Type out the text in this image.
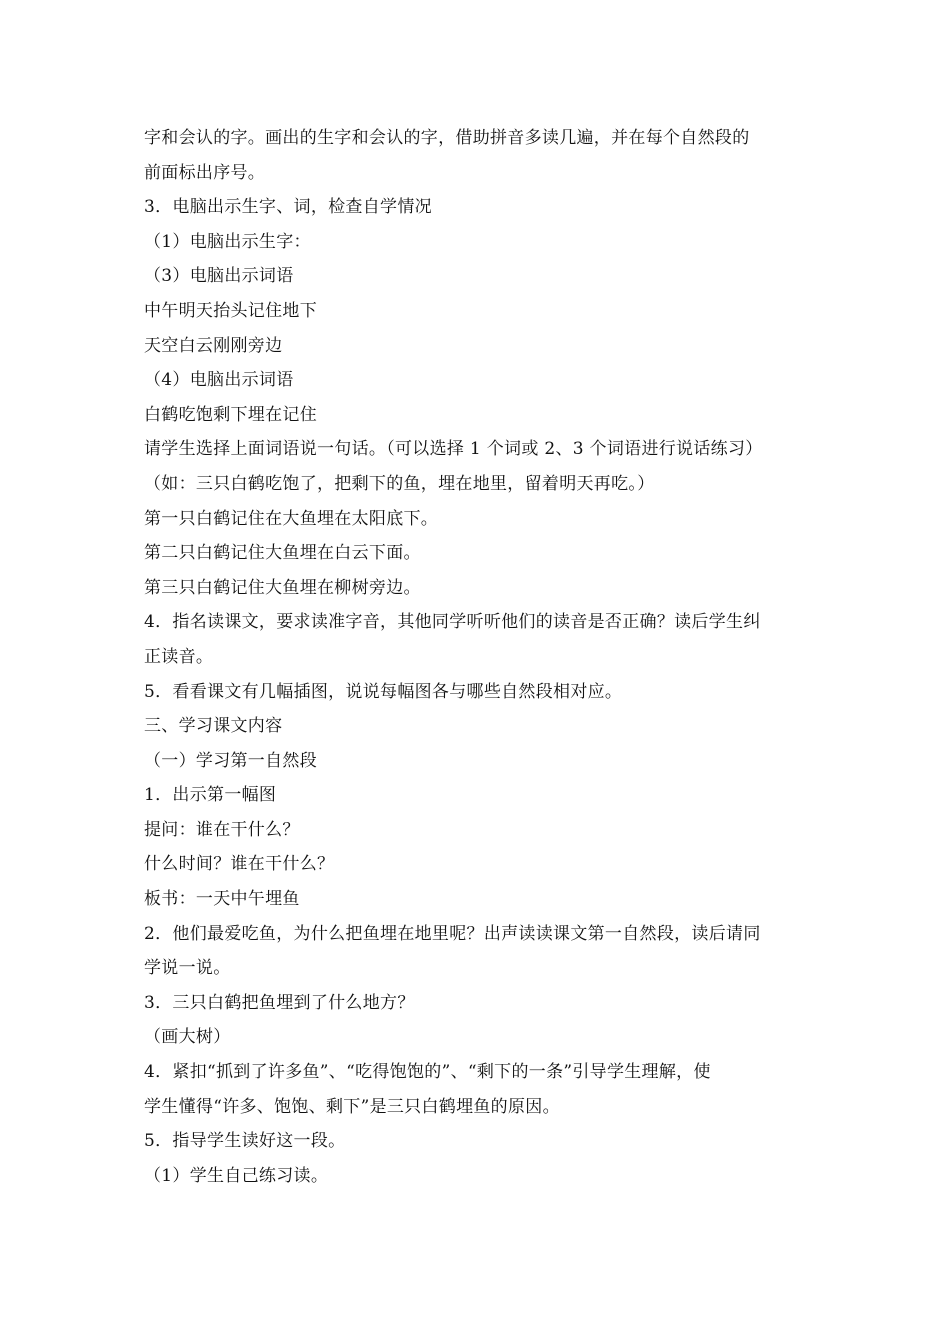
字和会认的字。画出的生字和会认的字，借助拼音多读几遍，并在每个自然段的
前面标出序号。
3．电脑出示生字、词，检查自学情况
（1）电脑出示生字：
（3）电脑出示词语
中午明天抬头记住地下
天空白云刚刚旁边
（4）电脑出示词语
白鹤吃饱剩下埋在记住
请学生选择上面词语说一句话。（可以选择 1 个词或 2、3 个词语进行说话练习）
（如：三只白鹤吃饱了，把剩下的鱼，埋在地里，留着明天再吃。）
第一只白鹤记住在大鱼埋在太阳底下。
第二只白鹤记住大鱼埋在白云下面。
第三只白鹤记住大鱼埋在柳树旁边。
4．指名读课文，要求读准字音，其他同学听听他们的读音是否正确？读后学生纠
正读音。
5．看看课文有几幅插图，说说每幅图各与哪些自然段相对应。
三、学习课文内容
（一）学习第一自然段
1．出示第一幅图
提问：谁在干什么？
什么时间？谁在干什么？
板书：一天中午埋鱼
2．他们最爱吃鱼，为什么把鱼埋在地里呢？出声读读课文第一自然段，读后请同
学说一说。
3．三只白鹤把鱼埋到了什么地方？
（画大树）
4．紧扣“抓到了许多鱼”、“吃得饱饱的”、“剩下的一条”引导学生理解，使
学生懂得“许多、饱饱、剩下”是三只白鹤埋鱼的原因。
5．指导学生读好这一段。
（1）学生自己练习读。
